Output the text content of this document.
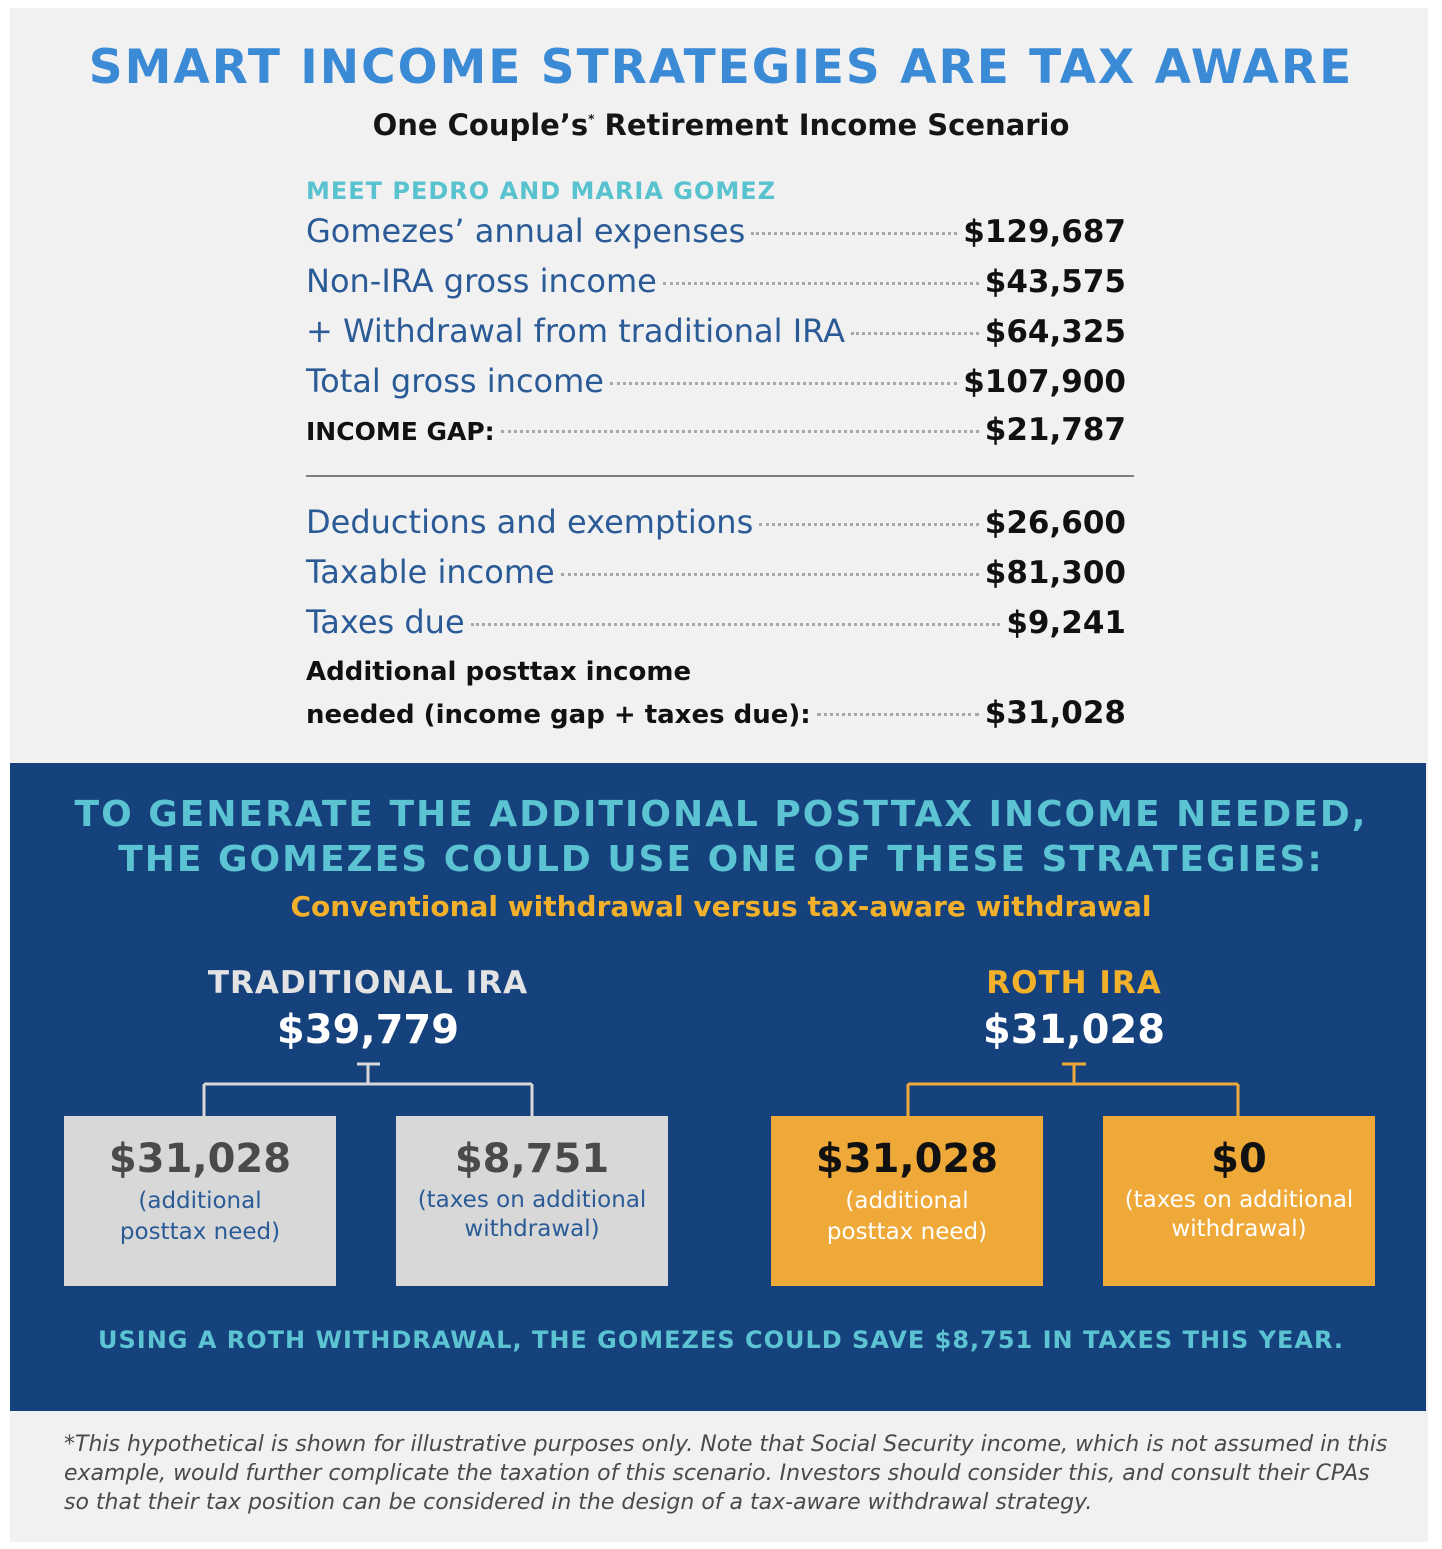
SMART INCOME STRATEGIES ARE TAX AWARE
One Couple’s* Retirement Income Scenario
MEET PEDRO AND MARIA GOMEZ
Gomezes’ annual expenses	$129,687
Non-IRA gross income	$43,575
+ Withdrawal from traditional IRA	$64,325
Total gross income	$107,900
INCOME GAP:	$21,787
Deductions and exemptions	$26,600
Taxable income	$81,300
Taxes due	$9,241
Additional posttax income
needed (income gap + taxes due):	$31,028
TO GENERATE THE ADDITIONAL POSTTAX INCOME NEEDED,
THE GOMEZES COULD USE ONE OF THESE STRATEGIES:
Conventional withdrawal versus tax-aware withdrawal
TRADITIONAL IRA
$39,779
ROTH IRA
$31,028
$31,028
(additional
posttax need)
$8,751
(taxes on additional
withdrawal)
$31,028
(additional
posttax need)
$0
(taxes on additional
withdrawal)
USING A ROTH WITHDRAWAL, THE GOMEZES COULD SAVE $8,751 IN TAXES THIS YEAR.
*This hypothetical is shown for illustrative purposes only. Note that Social Security income, which is not assumed in this example, would further complicate the taxation of this scenario. Investors should consider this, and consult their CPAs so that their tax position can be considered in the design of a tax-aware withdrawal strategy.
